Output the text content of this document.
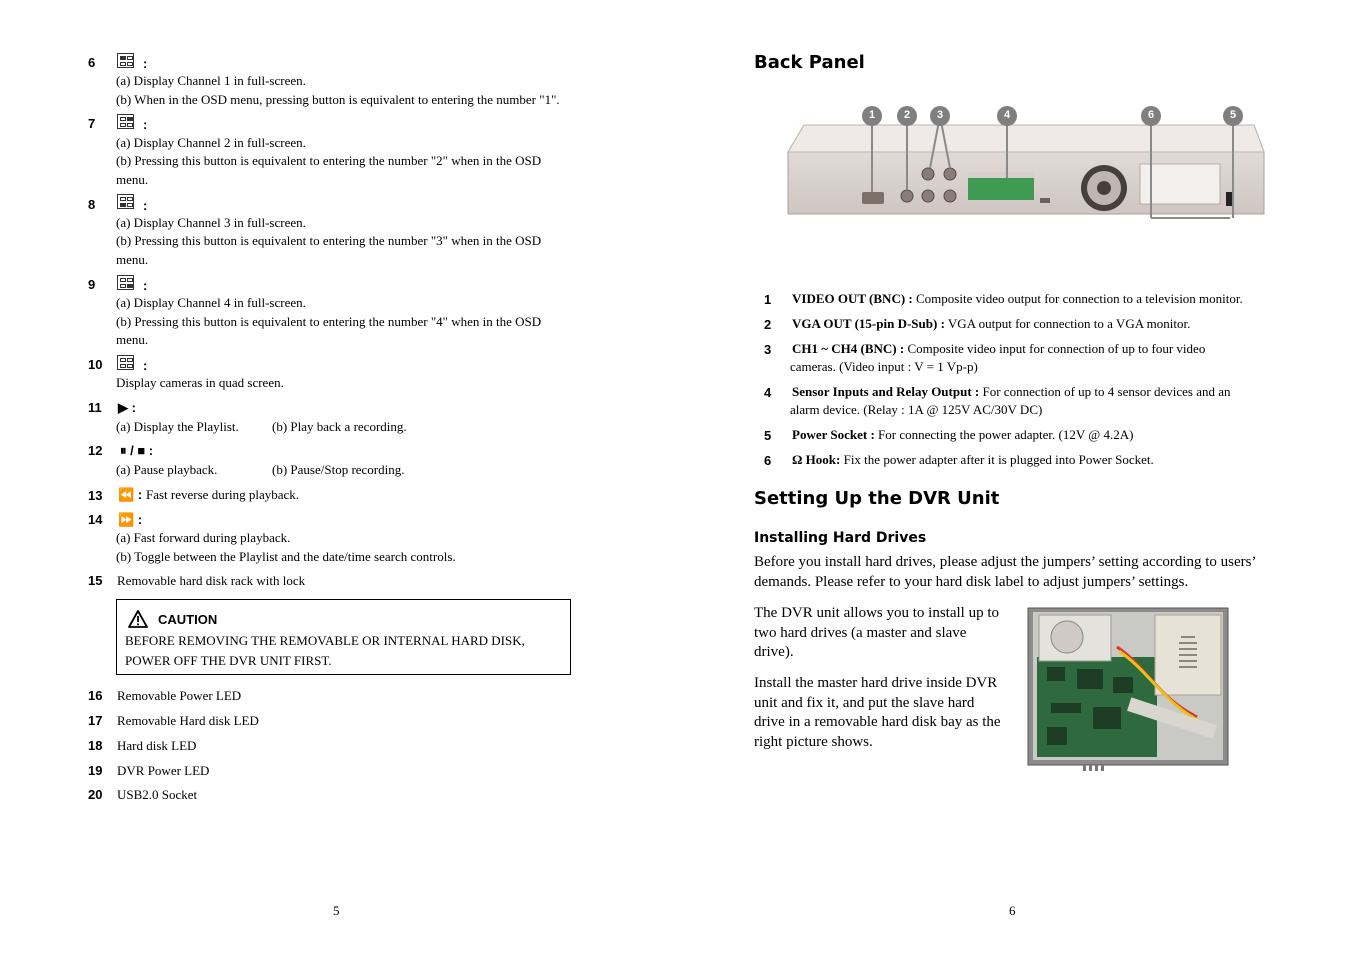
6	:
(a) Display Channel 1 in full-screen.
(b) When in the OSD menu, pressing button is equivalent to entering the number "1".
7	:
(a) Display Channel 2 in full-screen.
(b) Pressing this button is equivalent to entering the number "2" when in the OSD
menu.
8	:
(a) Display Channel 3 in full-screen.
(b) Pressing this button is equivalent to entering the number "3" when in the OSD
menu.
9	:
(a) Display Channel 4 in full-screen.
(b) Pressing this button is equivalent to entering the number "4" when in the OSD
menu.
10	:
Display cameras in quad screen.
11 ▶ :
(a) Display the Playlist.	(b) Play back a recording.
12 ⏸ / ■ :
(a) Pause playback.	(b) Pause/Stop recording.
13 ⏪ : Fast reverse during playback.
14 ⏩ :
(a) Fast forward during playback.
(b) Toggle between the Playlist and the date/time search controls.
15 Removable hard disk rack with lock
CAUTION
BEFORE REMOVING THE REMOVABLE OR INTERNAL HARD DISK,
POWER OFF THE DVR UNIT FIRST.
16 Removable Power LED
17 Removable Hard disk LED
18 Hard disk LED
19 DVR Power LED
20 USB2.0 Socket
5
Back Panel
1	2 3	4	6	5
1 VIDEO OUT (BNC) : Composite video output for connection to a television monitor.
2 VGA OUT (15-pin D-Sub) : VGA output for connection to a VGA monitor.
3 CH1 ~ CH4 (BNC) : Composite video input for connection of up to four video
cameras. (Video input : V = 1 Vp-p)
4 Sensor Inputs and Relay Output : For connection of up to 4 sensor devices and an
alarm device. (Relay : 1A @ 125V AC/30V DC)
5 Power Socket : For connecting the power adapter. (12V @ 4.2A)
6 Ω Hook: Fix the power adapter after it is plugged into Power Socket.
Setting Up the DVR Unit
Installing Hard Drives
Before you install hard drives, please adjust the jumpers’ setting according to users’ demands. Please refer to your hard disk label to adjust jumpers’ settings.
The DVR unit allows you to install up to two hard drives (a master and slave drive).
Install the master hard drive inside DVR unit and fix it, and put the slave hard drive in a removable hard disk bay as the right picture shows.
6
